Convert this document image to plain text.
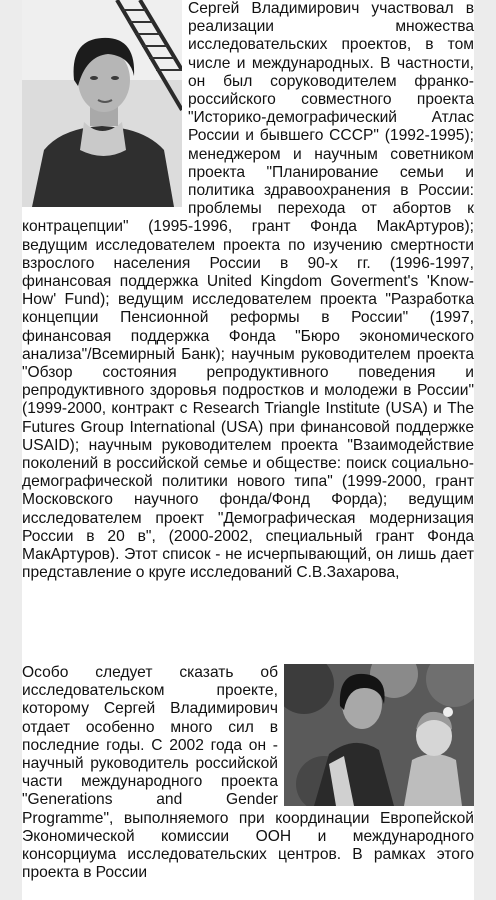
Сергей Владимирович участвовал в реализации множества исследовательских проектов, в том числе и международных. В частности, он был соруководителем франко-российского совместного проекта "Историко-демографический Атлас России и бывшего СССР" (1992-1995); менеджером и научным советником проекта "Планирование семьи и политика здравоохранения в России: проблемы перехода от абортов к контрацепции" (1995-1996, грант Фонда МакАртуров); ведущим исследователем проекта по изучению смертности взрослого населения России в 90-х гг. (1996-1997, финансовая поддержка United Kingdom Goverment's 'Know-How' Fund); ведущим исследователем проекта "Разработка концепции Пенсионной реформы в России" (1997, финансовая поддержка Фонда "Бюро экономического анализа"/Всемирный Банк); научным руководителем проекта "Обзор состояния репродуктивного поведения и репродуктивного здоровья подростков и молодежи в России" (1999-2000, контракт с Research Triangle Institute (USA) и The Futures Group International (USA) при финансовой поддержке USAID); научным руководителем проекта "Взаимодействие поколений в российской семье и обществе: поиск социально-демографической политики нового типа" (1999-2000, грант Московского научного фонда/Фонд Форда); ведущим исследователем проект "Демографическая модернизация России в 20 в", (2000-2002, специальный грант Фонда МакАртуров). Этот список - не исчерпывающий, он лишь дает представление о круге исследований С.В.Захарова,
Особо следует сказать об исследовательском проекте, которому Сергей Владимирович отдает особенно много сил в последние годы. С 2002 года он - научный руководитель российской части международного проекта "Generations and Gender Programme", выполняемого при координации Европейской Экономической комиссии ООН и международного консорциума исследовательских центров. В рамках этого проекта в России
